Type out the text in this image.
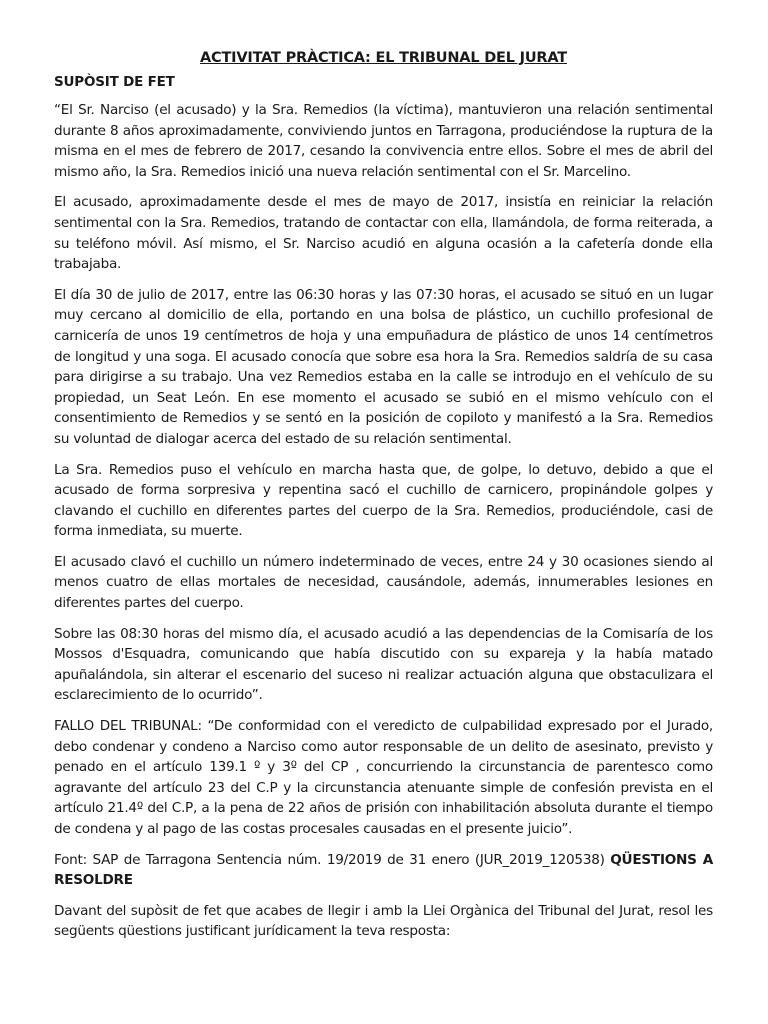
ACTIVITAT PRÀCTICA: EL TRIBUNAL DEL JURAT
SUPÒSIT DE FET

“El Sr. Narciso (el acusado) y la Sra. Remedios (la víctima), mantuvieron una relación sentimental durante 8 años aproximadamente, conviviendo juntos en Tarragona, produciéndose la ruptura de la misma en el mes de febrero de 2017, cesando la convivencia entre ellos. Sobre el mes de abril del mismo año, la Sra. Remedios inició una nueva relación sentimental con el Sr. Marcelino.

El acusado, aproximadamente desde el mes de mayo de 2017, insistía en reiniciar la relación sentimental con la Sra. Remedios, tratando de contactar con ella, llamándola, de forma reiterada, a su teléfono móvil. Así mismo, el Sr. Narciso acudió en alguna ocasión a la cafetería donde ella trabajaba.

El día 30 de julio de 2017, entre las 06:30 horas y las 07:30 horas, el acusado se situó en un lugar muy cercano al domicilio de ella, portando en una bolsa de plástico, un cuchillo profesional de carnicería de unos 19 centímetros de hoja y una empuñadura de plástico de unos 14 centímetros de longitud y una soga. El acusado conocía que sobre esa hora la Sra. Remedios saldría de su casa para dirigirse a su trabajo. Una vez Remedios estaba en la calle se introdujo en el vehículo de su propiedad, un Seat León. En ese momento el acusado se subió en el mismo vehículo con el consentimiento de Remedios y se sentó en la posición de copiloto y manifestó a la Sra. Remedios su voluntad de dialogar acerca del estado de su relación sentimental.

La Sra. Remedios puso el vehículo en marcha hasta que, de golpe, lo detuvo, debido a que el acusado de forma sorpresiva y repentina sacó el cuchillo de carnicero, propinándole golpes y clavando el cuchillo en diferentes partes del cuerpo de la Sra. Remedios, produciéndole, casi de forma inmediata, su muerte.

El acusado clavó el cuchillo un número indeterminado de veces, entre 24 y 30 ocasiones siendo al menos cuatro de ellas mortales de necesidad, causándole, además, innumerables lesiones en diferentes partes del cuerpo.

Sobre las 08:30 horas del mismo día, el acusado acudió a las dependencias de la Comisaría de los Mossos d'Esquadra, comunicando que había discutido con su expareja y la había matado apuñalándola, sin alterar el escenario del suceso ni realizar actuación alguna que obstaculizara el esclarecimiento de lo ocurrido”.

FALLO DEL TRIBUNAL: “De conformidad con el veredicto de culpabilidad expresado por el Jurado, debo condenar y condeno a Narciso como autor responsable de un delito de asesinato, previsto y penado en el artículo 139.1 º y 3º del CP , concurriendo la circunstancia de parentesco como agravante del artículo 23 del C.P y la circunstancia atenuante simple de confesión prevista en el artículo 21.4º del C.P, a la pena de 22 años de prisión con inhabilitación absoluta durante el tiempo de condena y al pago de las costas procesales causadas en el presente juicio”.

Font: SAP de Tarragona Sentencia núm. 19/2019 de 31 enero (JUR_2019_120538) QÜESTIONS A RESOLDRE

Davant del supòsit de fet que acabes de llegir i amb la Llei Orgànica del Tribunal del Jurat, resol les següents qüestions justificant jurídicament la teva resposta:
